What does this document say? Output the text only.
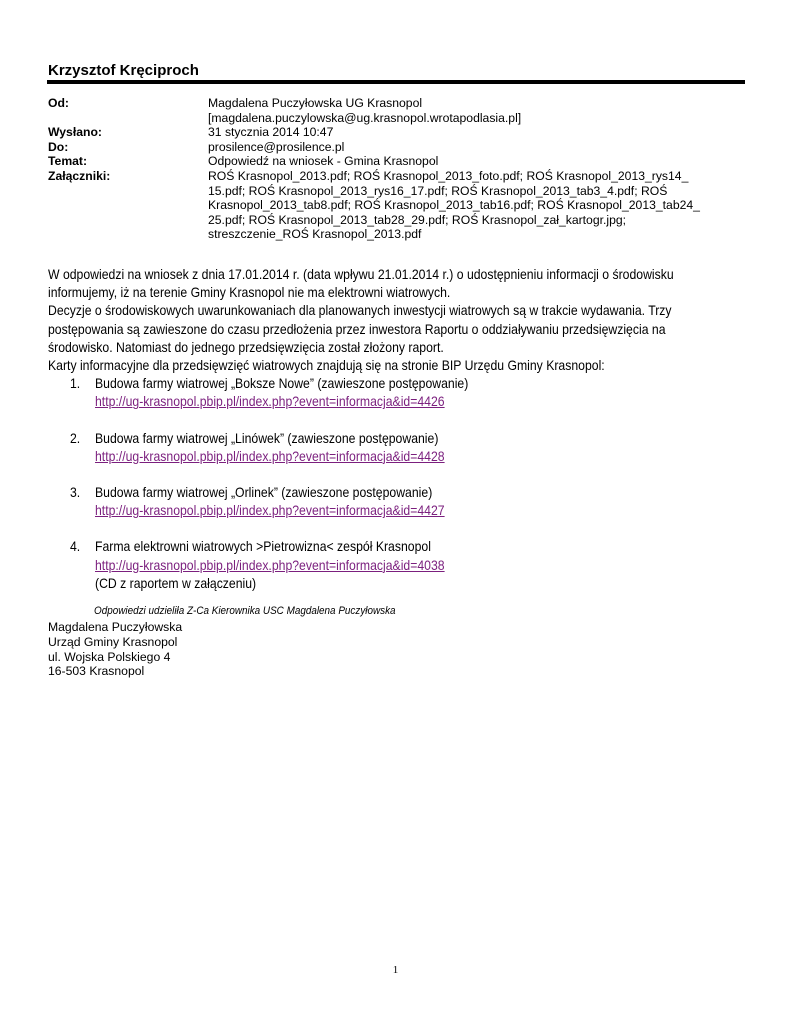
Krzysztof Kręciproch
Od:	Magdalena Puczyłowska UG Krasnopol
[magdalena.puczylowska@ug.krasnopol.wrotapodlasia.pl]
Wysłano:	31 stycznia 2014 10:47
Do:	prosilence@prosilence.pl
Temat:	Odpowiedź na wniosek - Gmina Krasnopol
Załączniki:	ROŚ Krasnopol_2013.pdf; ROŚ Krasnopol_2013_foto.pdf; ROŚ Krasnopol_2013_rys14_
15.pdf; ROŚ Krasnopol_2013_rys16_17.pdf; ROŚ Krasnopol_2013_tab3_4.pdf; ROŚ
Krasnopol_2013_tab8.pdf; ROŚ Krasnopol_2013_tab16.pdf; ROŚ Krasnopol_2013_tab24_
25.pdf; ROŚ Krasnopol_2013_tab28_29.pdf; ROŚ Krasnopol_zał_kartogr.jpg;
streszczenie_ROŚ Krasnopol_2013.pdf

W odpowiedzi na wniosek z dnia 17.01.2014 r. (data wpływu 21.01.2014 r.) o udostępnieniu informacji o środowisku

informujemy, iż na terenie Gminy Krasnopol nie ma elektrowni wiatrowych.

Decyzje o środowiskowych uwarunkowaniach dla planowanych inwestycji wiatrowych są w trakcie wydawania. Trzy

postępowania są zawieszone do czasu przedłożenia przez inwestora Raportu o oddziaływaniu przedsięwzięcia na

środowisko. Natomiast do jednego przedsięwzięcia został złożony raport.

Karty informacyjne dla przedsięwzięć wiatrowych znajdują się na stronie BIP Urzędu Gminy Krasnopol:

1. Budowa farmy wiatrowej „Bokszе Nowe” (zawieszone postępowanie)
http://ug-krasnopol.pbip.pl/index.php?event=informacja&id=4426
2. Budowa farmy wiatrowej „Linówek” (zawieszone postępowanie)
http://ug-krasnopol.pbip.pl/index.php?event=informacja&id=4428
3. Budowa farmy wiatrowej „Orlinek” (zawieszone postępowanie)
http://ug-krasnopol.pbip.pl/index.php?event=informacja&id=4427
4. Farma elektrowni wiatrowych >Pietrowizna< zespół Krasnopol
http://ug-krasnopol.pbip.pl/index.php?event=informacja&id=4038
(CD z raportem w załączeniu)

Odpowiedzi udzieliła Z-Ca Kierownika USC Magdalena Puczyłowska

Magdalena Puczyłowska

Urząd Gminy Krasnopol

ul. Wojska Polskiego 4

16-503 Krasnopol

1
